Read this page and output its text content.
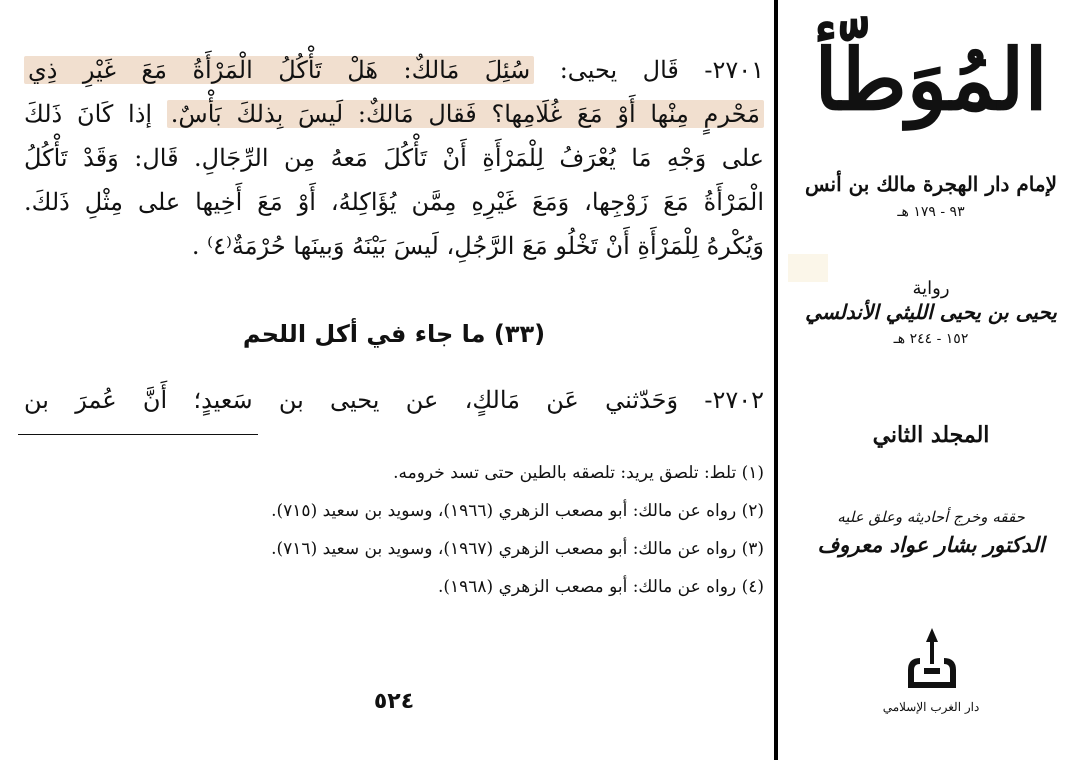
٢٧٠١- قَال يحيى: سُئِلَ مَالكٌ: هَلْ تَأْكُلُ الْمَرْأَةُ مَعَ غَيْرِ ذِي
مَحْرمٍ مِنْها أَوْ مَعَ غُلَامِها؟ فَقال مَالكٌ: لَيسَ بِذلكَ بَأْسٌ. إذا كَانَ ذَلكَ
على وَجْهِ مَا يُعْرَفُ لِلْمَرْأَةِ أَنْ تَأْكُلَ مَعهُ مِن الرِّجَالِ. قَال: وَقَدْ تَأْكُلُ
الْمَرْأَةُ مَعَ زَوْجِها، وَمَعَ غَيْرِهِ مِمَّن يُؤَاكِلهُ، أَوْ مَعَ أَخِيها على مِثْلِ ذَلكَ.
وَيُكْرهُ لِلْمَرْأَةِ أَنْ تَخْلُو مَعَ الرَّجُلِ، لَيسَ بَيْنَهُ وَبينَها حُرْمَةٌ⁽٤⁾ .
(٣٣) ما جاء في أكل اللحم
٢٧٠٢- وَحَدّثني عَن مَالكٍ، عن يحيى بن سَعيدٍ؛ أَنَّ عُمرَ بن
(١) تلط: تلصق يريد: تلصقه بالطين حتى تسد خرومه.
(٢) رواه عن مالك: أبو مصعب الزهري (١٩٦٦)، وسويد بن سعيد (٧١٥).
(٣) رواه عن مالك: أبو مصعب الزهري (١٩٦٧)، وسويد بن سعيد (٧١٦).
(٤) رواه عن مالك: أبو مصعب الزهري (١٩٦٨).
٥٢٤
المُوَطّأ
لإمام دار الهجرة مالك بن أنس
٩٣ - ١٧٩ هـ
رواية
يحيى بن يحيى الليثي الأندلسي
١٥٢ - ٢٤٤ هـ
المجلد الثاني
حققه وخرج أحاديثه وعلق عليه
الدكتور بشار عواد معروف
دار الغرب الإسلامي
